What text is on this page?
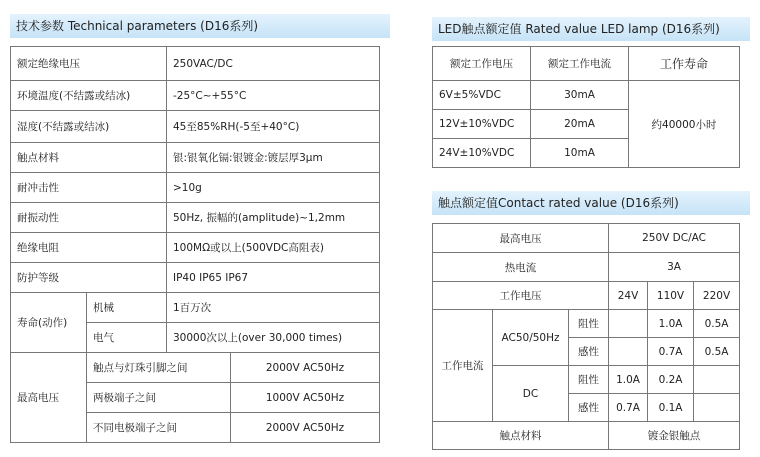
技术参数 Technical parameters (D16系列)
额定绝缘电压		250VAC/DC	
环境温度(不结露或结冰)		-25°C~+55°C	
湿度(不结露或结冰)		45至85%RH(-5至+40°C)	
触点材料		银:银氧化镉:银镀金:镀层厚3μm	
耐冲击性		>10g	
耐振动性		50Hz, 振幅的(amplitude)~1,2mm	
绝缘电阻		100MΩ或以上(500VDC高阻表)	
防护等级		IP40 IP65 IP67	
寿命(动作)	机械	1百万次	
	电气	30000次以上(over 30,000 times)	
最高电压	触点与灯珠引脚之间		2000V AC50Hz
	两极端子之间		1000V AC50Hz
	不同电极端子之间		2000V AC50Hz
LED触点额定值 Rated value LED lamp (D16系列)
额定工作电压	额定工作电流	工作寿命
6V±5%VDC	30mA	约40000小时
12V±10%VDC	20mA	
24V±10%VDC	10mA	
触点额定值Contact rated value (D16系列)
最高电压			250V DC/AC		
热电流			3A		
工作电压			24V	110V	220V
工作电流	AC50/50Hz	阻性		1.0A	0.5A
		感性		0.7A	0.5A
	DC	阻性	1.0A	0.2A	
		感性	0.7A	0.1A	
触点材料			镀金银触点		
